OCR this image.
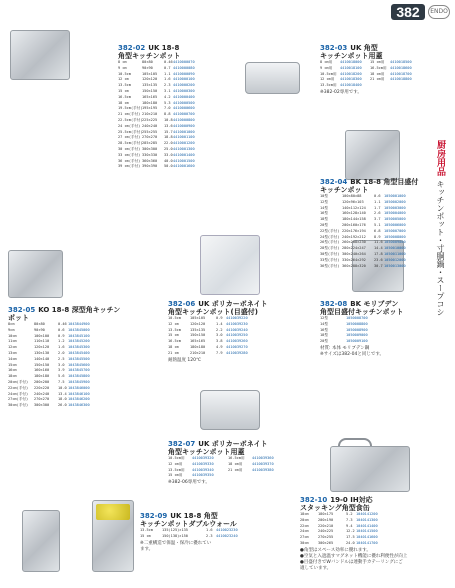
382	ENDO
厨房用品
キッチンポット・寸胴鍋・スープコシ
382-02 UK 18-8
角型キッチンポット
8 cm	80×80	0.46 4410000070
9 cm	90×90	0.7 4410000080
10.5cm	105×105	1.1 4410000090
12 cm	120×120	1.6 4410000100
13.5cm	135×135	2.3 4410000200
15 cm	150×150	3.1 4410000300
16.5cm	165×165	4.2 4410000400
18 cm	180×180	5.3 4410000500
19.5cm(手付) 195×195	7.0 4410000600
21 cm(手付) 210×210	8.8 4410000700
22.5cm(手付) 225×225	10.8 4410000800
24 cm(手付) 240×240	13.6 4410000900
25.5cm(手付) 255×255	15.7 4410001000
27 cm(手付) 270×270	18.8 4410001100
28.5cm(手付) 285×285	22.0 4410001200
30 cm(手付) 300×300	25.0 4410001300
33 cm(手付) 330×330	33.0 4410001400
36 cm(手付) 360×360	40.0 4410001500
39 cm(手付) 390×390	50.0 4410001600
382-03 UK 角型
キッチンポット用蓋
8 cm用	4410018000	15 cm用	4410018500
9 cm用	4410018100	16.5cm用 4410018600
10.5cm用 4410018200	18 cm用	4410018700
12 cm用	4410018300	21 cm用	4410018800
13.5cm用 4410018400
※382-02専用です。
382-04 BK 18-8 角型目盛付
キッチンポット
10型	100×80×88	0.6 1050001000
12型	120×96×103	1.1 1050002000
14型	140×112×124	1.7 1050003000
16型	160×128×140	2.6 1050004000
18型	180×144×158	3.7 1050005000
20型	200×160×176	5.1 1050006000
22型(手付) 220×176×194	6.8 1050007000
24型(手付) 240×192×212	8.9 1050008000
26型(手付) 260×208×230	11.6 1050009000
28型(手付) 280×224×247	14.4 1050010000
30型(手付) 300×240×264	17.8 1050011000
33型(手付) 330×264×292	23.6 1050012000
36型(手付) 360×288×320	30.7 1050013000
382-05 KO 18-8 深型角キッチンポット
8cm	80×80	0.46 1043844900
9cm	90×90	0.6 1043845000
10cm	100×100	0.9 1043845100
11cm	110×110	1.2 1043845200
12cm	120×120	1.6 1043845300
13cm	130×130	2.0 1043845400
14cm	140×140	2.5 1043845500
15cm	150×150	3.0 1043845600
16cm	160×160	3.9 1043845700
18cm	180×180	5.6 1043845800
20cm(手付)	200×200	7.5 1043845900
22cm(手付)	220×220	10.0 1043846000
24cm(手付)	240×240	13.4 1043846100
27cm(手付)	270×270	18.0 1043846200
30cm(手付)	300×300	26.0 1043846300
382-06 UK ポリカーボネイト
角型キッチンポット(目盛付)
10.5cm	105×105	0.9 4410039220
12 cm	120×120	1.4 4410039230
13.5cm	135×135	2.2 4410039240
15 cm	150×150	3.0 4410039250
16.5cm	165×165	3.8 4410039260
18 cm	180×180	4.9 4410039270
21 cm	210×210	7.9 4410039280
耐熱温度 120℃
382-08 BK モリブデン
角型目盛付キッチンポット
12型	1050008700
14型	1050008800
16型	1050008900
18型	1050009000
20型	1050009100
材質: 本体 モリブデン鋼
※サイズは382-04と同じです。
382-07 UK ポリカーボネイト
角型キッチンポット用蓋
10.5cm用	4410039320	16.5cm用	4410039360
12 cm用	4410039330	18 cm用	4410039370
13.5cm用	4410039340	21 cm用	4410039380
15 cm用	4410039350
※382-06専用です。
382-10 19-0 IH対応
スタッキング角型食缶
18cm	180×175	5.2 1040141200
20cm	200×190	7.3 1040141300
22cm	220×210	9.4 1040141400
24cm	240×225	12.2 1040141500
27cm	270×255	17.5 1040141600
30cm	300×265	24.0 1040141700
●角型はスペース効率に優れます。
●空気と入遮温すマグネット機能に優れ利便性が向上
●目盛付きでWバンドルは連動手カテーリングにご
適しています。
382-09 UK 18-8 角型
キッチンポットダブルウォール
13.5cm	135(125)×135	1.6 4410023230
15 cm	150(138)×150	2.3 4410023240
※二重構造で保温・保冷に優れてい
ます。
